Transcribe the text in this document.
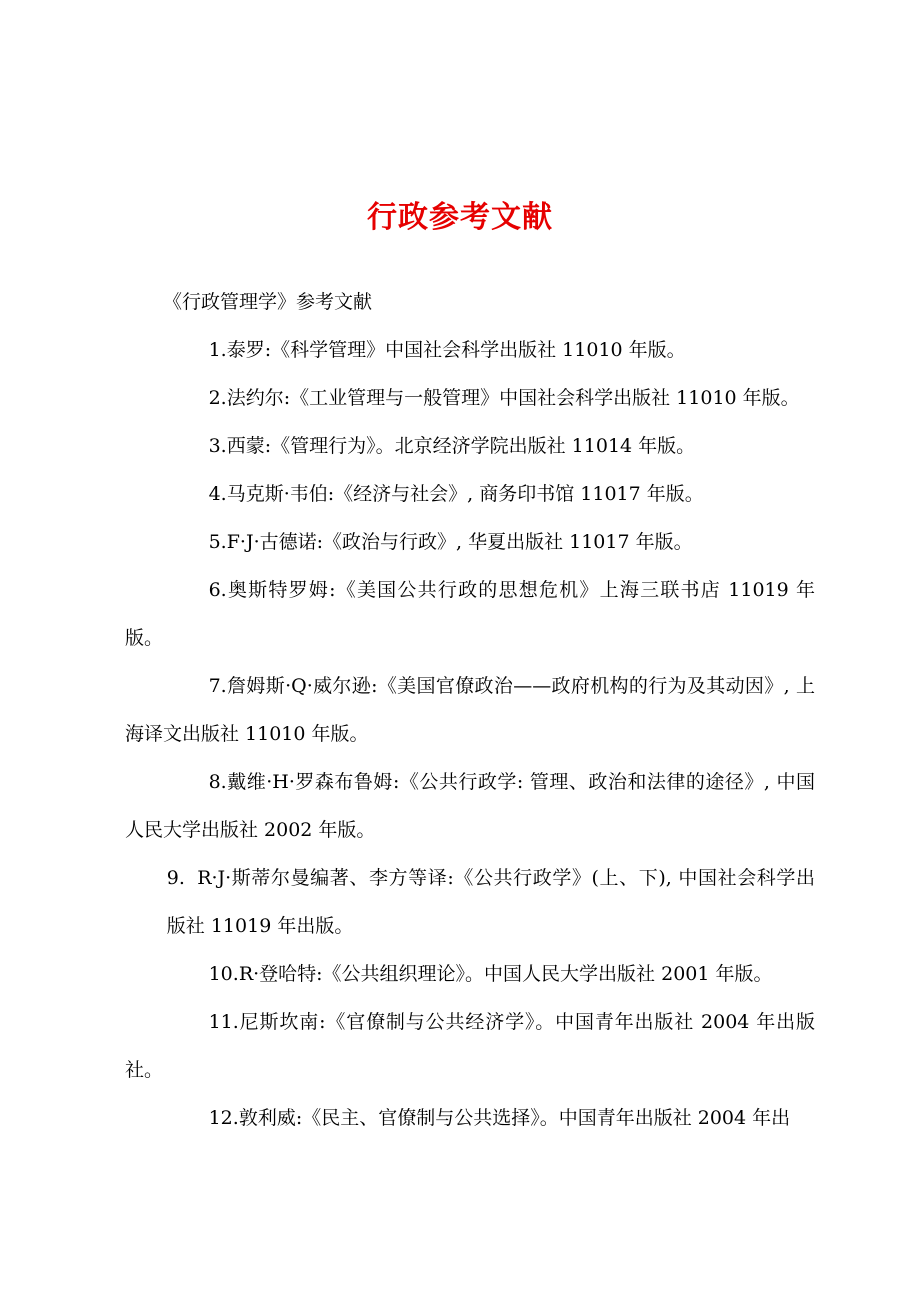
行政参考文献

《行政管理学》参考文献

1.泰罗:《科学管理》中国社会科学出版社 11010 年版。

2.法约尔:《工业管理与一般管理》中国社会科学出版社 11010 年版。

3.西蒙:《管理行为》。北京经济学院出版社 11014 年版。

4.马克斯·韦伯:《经济与社会》, 商务印书馆 11017 年版。

5.F·J·古德诺:《政治与行政》, 华夏出版社 11017 年版。

6.奥斯特罗姆:《美国公共行政的思想危机》上海三联书店 11019 年版。

7.詹姆斯·Q·威尔逊:《美国官僚政治——政府机构的行为及其动因》, 上海译文出版社 11010 年版。

8.戴维·H·罗森布鲁姆:《公共行政学: 管理、政治和法律的途径》, 中国人民大学出版社 2002 年版。

9. R·J·斯蒂尔曼编著、李方等译:《公共行政学》(上、下), 中国社会科学出版社 11019 年出版。

10.R·登哈特:《公共组织理论》。中国人民大学出版社 2001 年版。

11.尼斯坎南:《官僚制与公共经济学》。中国青年出版社 2004 年出版社。

12.敦利威:《民主、官僚制与公共选择》。中国青年出版社 2004 年出
